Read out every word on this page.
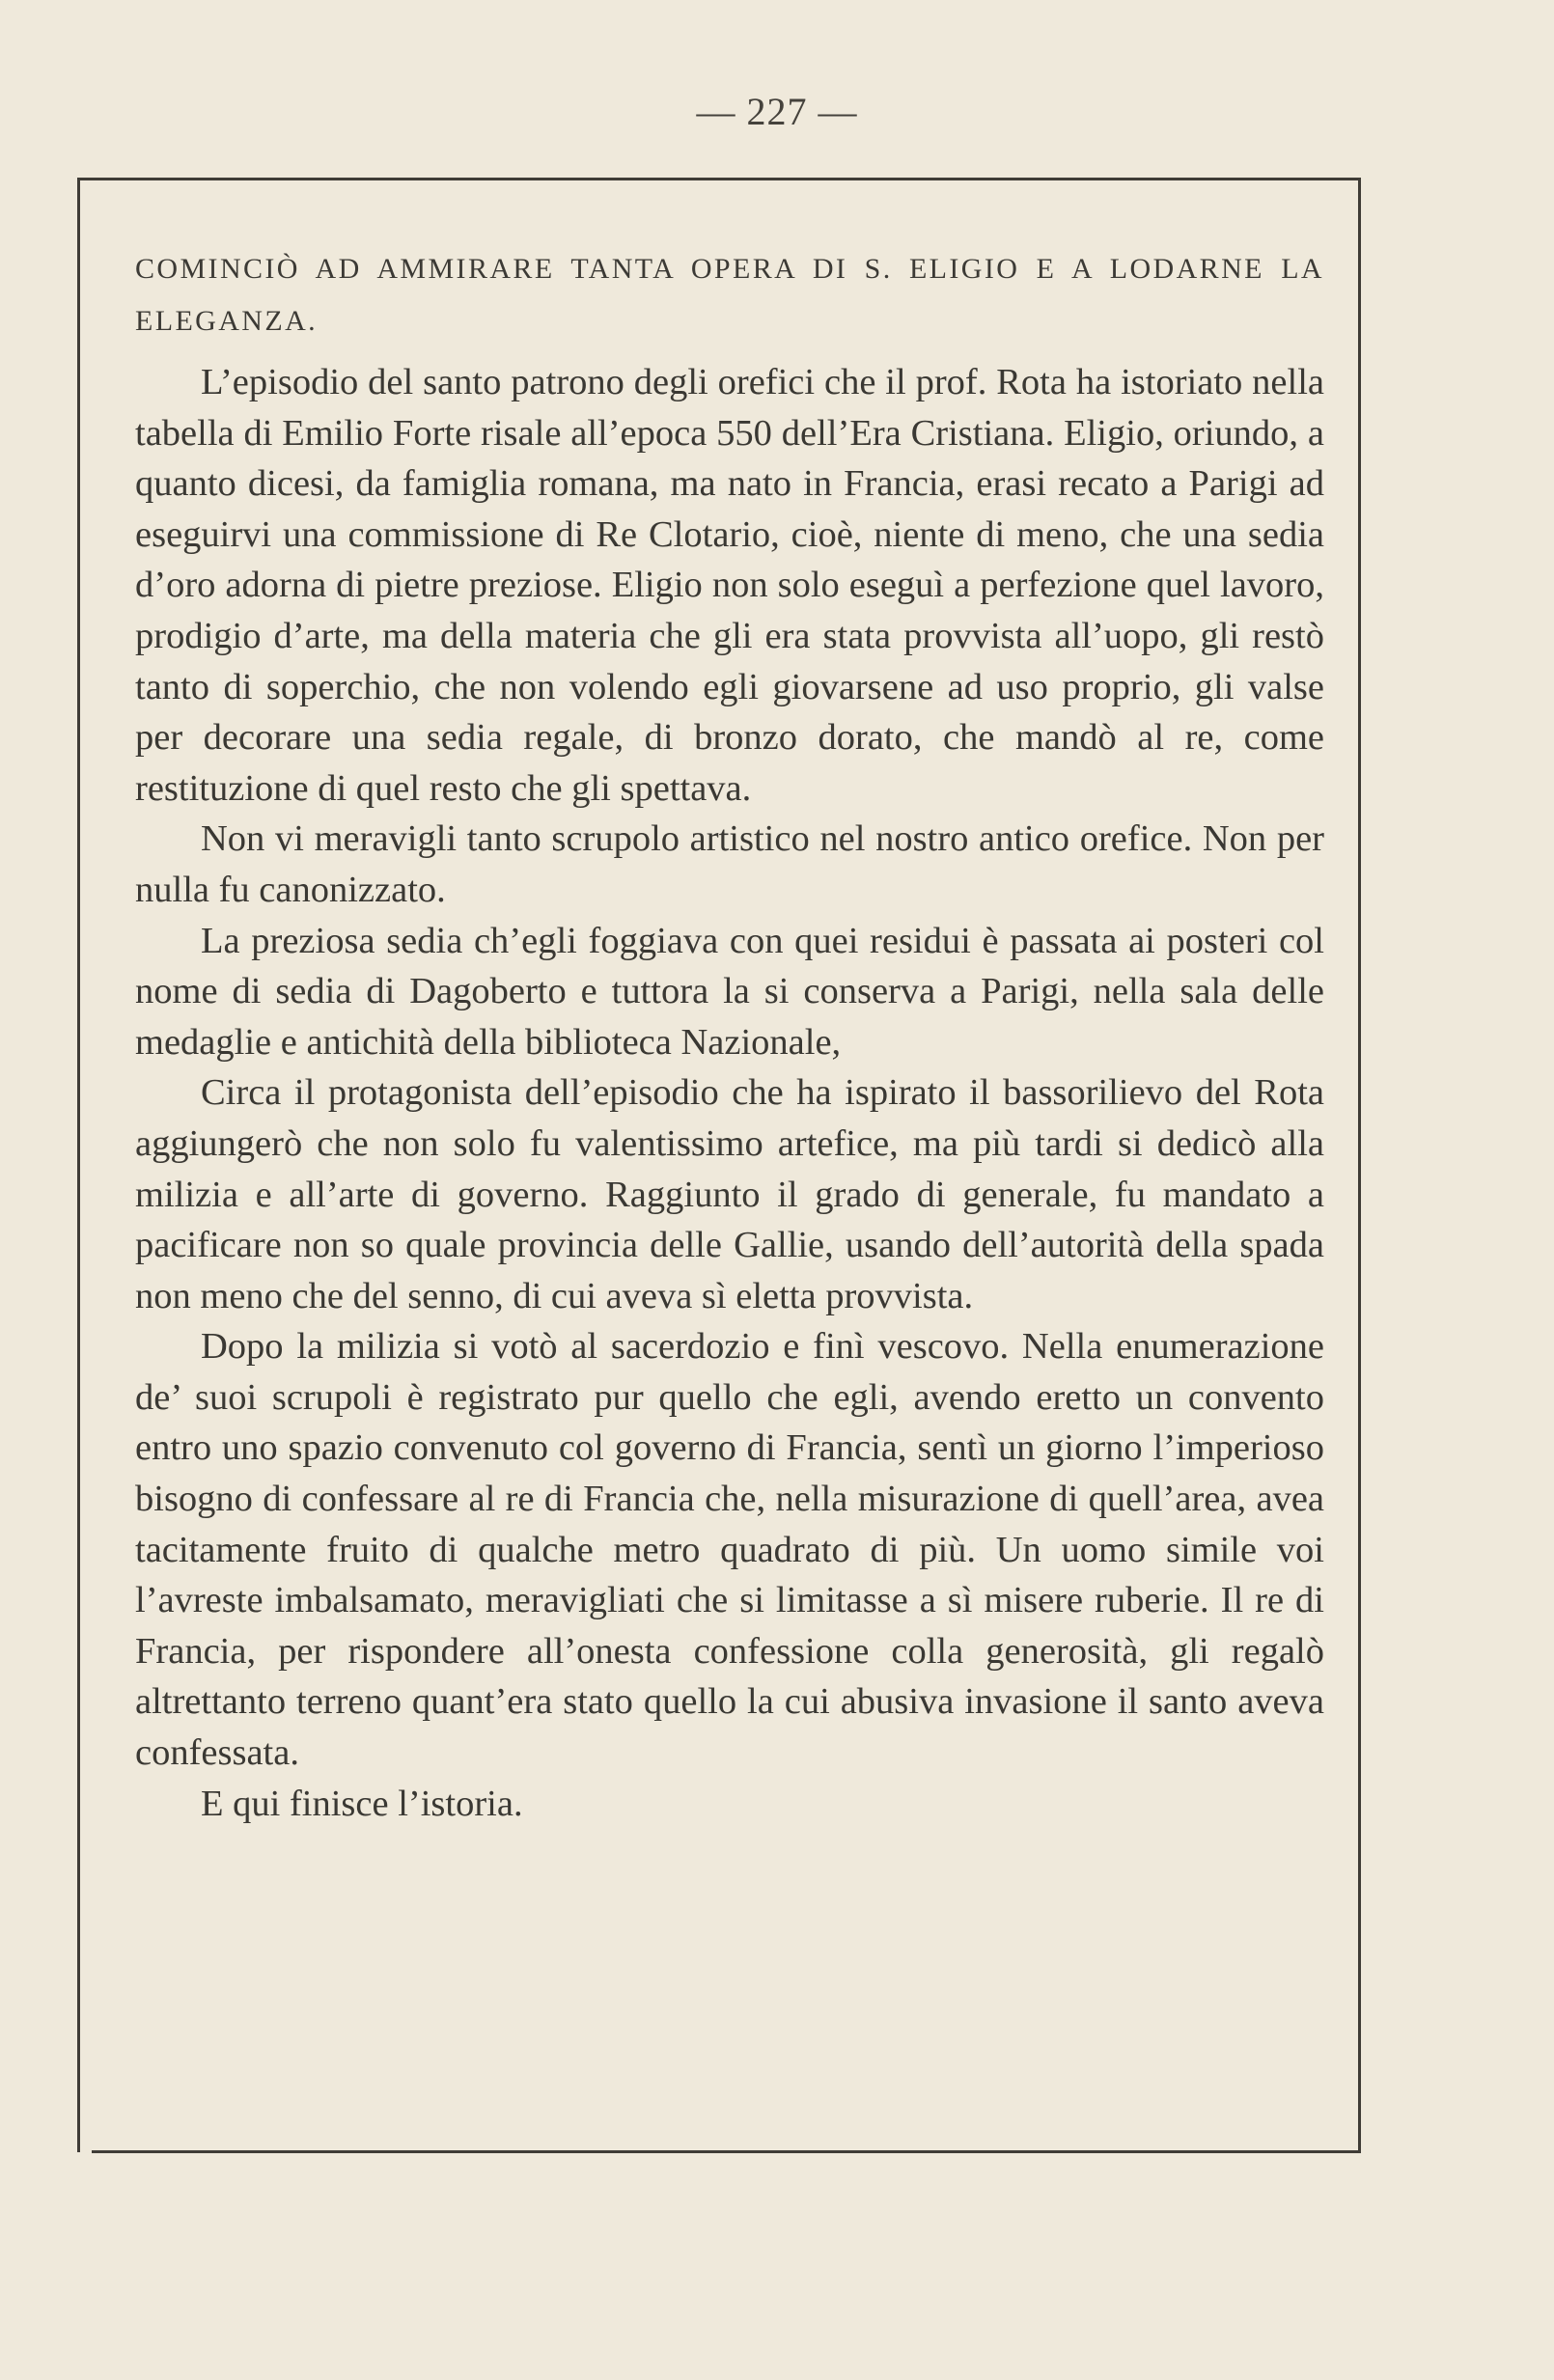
— 227 —

COMINCIÒ AD AMMIRARE TANTA OPERA DI S. ELIGIO E A LODARNE LA ELEGANZA.

L’episodio del santo patrono degli orefici che il prof. Rota ha istoriato nella tabella di Emilio Forte risale all’epoca 550 dell’Era Cristiana. Eligio, oriundo, a quanto dicesi, da famiglia romana, ma nato in Francia, erasi recato a Parigi ad eseguirvi una commissione di Re Clotario, cioè, niente di meno, che una sedia d’oro adorna di pietre preziose. Eligio non solo eseguì a perfezione quel lavoro, prodigio d’arte, ma della materia che gli era stata provvista all’uopo, gli restò tanto di soperchio, che non volendo egli giovarsene ad uso proprio, gli valse per decorare una sedia regale, di bronzo dorato, che mandò al re, come restituzione di quel resto che gli spettava.

Non vi meravigli tanto scrupolo artistico nel nostro antico orefice. Non per nulla fu canonizzato.

La preziosa sedia ch’egli foggiava con quei residui è passata ai posteri col nome di sedia di Dagoberto e tuttora la si conserva a Parigi, nella sala delle medaglie e antichità della biblioteca Nazionale,

Circa il protagonista dell’episodio che ha ispirato il bassorilievo del Rota aggiungerò che non solo fu valentissimo artefice, ma più tardi si dedicò alla milizia e all’arte di governo. Raggiunto il grado di generale, fu mandato a pacificare non so quale provincia delle Gallie, usando dell’autorità della spada non meno che del senno, di cui aveva sì eletta provvista.

Dopo la milizia si votò al sacerdozio e finì vescovo. Nella enumerazione de’ suoi scrupoli è registrato pur quello che egli, avendo eretto un convento entro uno spazio convenuto col governo di Francia, sentì un giorno l’imperioso bisogno di confessare al re di Francia che, nella misurazione di quell’area, avea tacitamente fruito di qualche metro quadrato di più. Un uomo simile voi l’avreste imbalsamato, meravigliati che si limitasse a sì misere ruberie. Il re di Francia, per rispondere all’onesta confessione colla generosità, gli regalò altrettanto terreno quant’era stato quello la cui abusiva invasione il santo aveva confessata.

E qui finisce l’istoria.
